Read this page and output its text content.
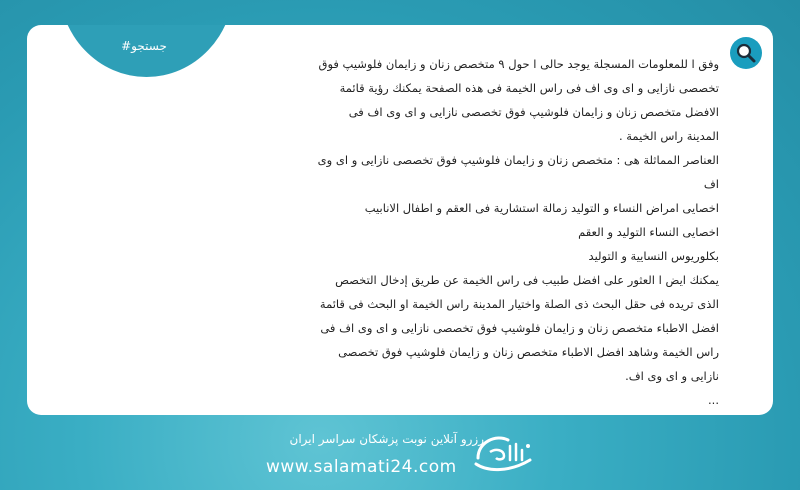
#جستجو

وفق ا للمعلومات المسجلة يوجد حالی ا حول ۹ متخصص زنان و زايمان فلوشيپ فوق تخصصی نازايی و ای وی اف فی راس الخيمة فی هذه الصفحة يمكنك رؤية قائمة الافضل متخصص زنان و زايمان فلوشيپ فوق تخصصی نازايی و ای وی اف فی المدينة راس الخيمة .

العناصر المماثلة هی : متخصص زنان و زايمان فلوشيپ فوق تخصصی نازايی و ای وی اف

اخصايی امراض النساء و التوليد زمالة استشارية فی العقم و اطفال الانابيب

اخصايی النساء التوليد و العقم

بكلوريوس النسايية و التوليد

يمكنك ايض ا العثور علی افضل طبيب فی راس الخيمة عن طريق إدخال التخصص الذی تريده فی حقل البحث ذی الصلة واختيار المدينة راس الخيمة او البحث فی قائمة افضل الاطباء متخصص زنان و زايمان فلوشيپ فوق تخصصی نازايی و ای وی اف فی راس الخيمة وشاهد افضل الاطباء متخصص زنان و زايمان فلوشيپ فوق تخصصی نازايی و ای وی اف.

...

رزرو آنلاین نوبت پزشکان سراسر ایران
www.salamati24.com
